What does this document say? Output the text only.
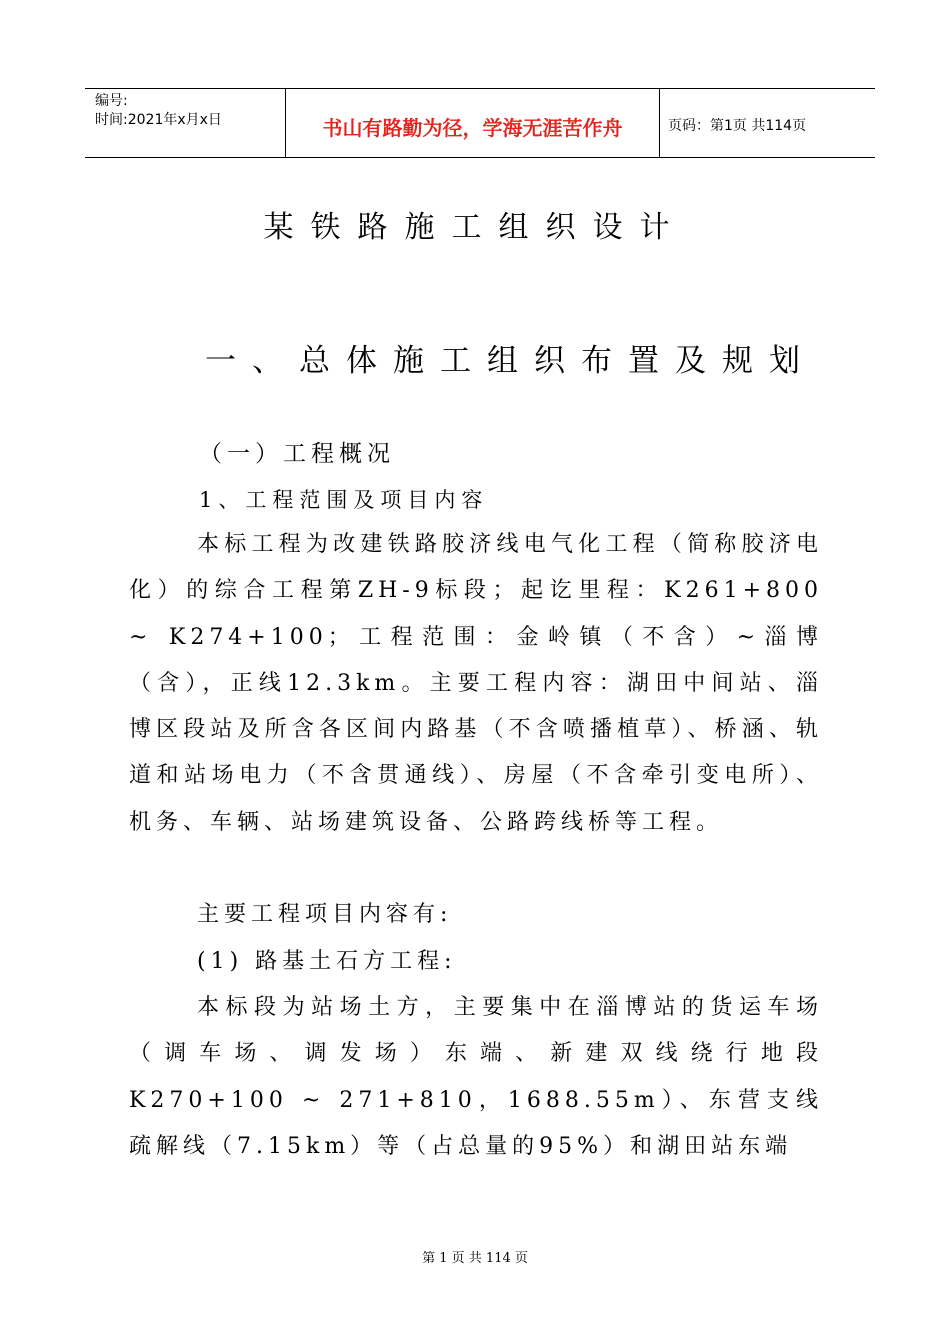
编号:
时间:2021年x月x日	书山有路勤为径，学海无涯苦作舟	页码：第1页 共114页
某铁路施工组织设计
一、总体施工组织布置及规划
（一）工程概况
1、工程范围及项目内容
本标工程为改建铁路胶济线电气化工程（简称胶济电化）的综合工程第ZH-9标段；起讫里程：K261+800 ~ K274+100；工程范围：金岭镇（不含）~淄博（含），正线12.3km。主要工程内容：湖田中间站、淄博区段站及所含各区间内路基（不含喷播植草）、桥涵、轨道和站场电力（不含贯通线）、房屋（不含牵引变电所）、机务、车辆、站场建筑设备、公路跨线桥等工程。
主要工程项目内容有:
(1) 路基土石方工程:
本标段为站场土方，主要集中在淄博站的货运车场（调车场、调发场）东端、新建双线绕行地段K270+100 ~ 271+810，1688.55m）、东营支线疏解线（7.15km）等（占总量的95%）和湖田站东端
第 1 页 共 114 页
